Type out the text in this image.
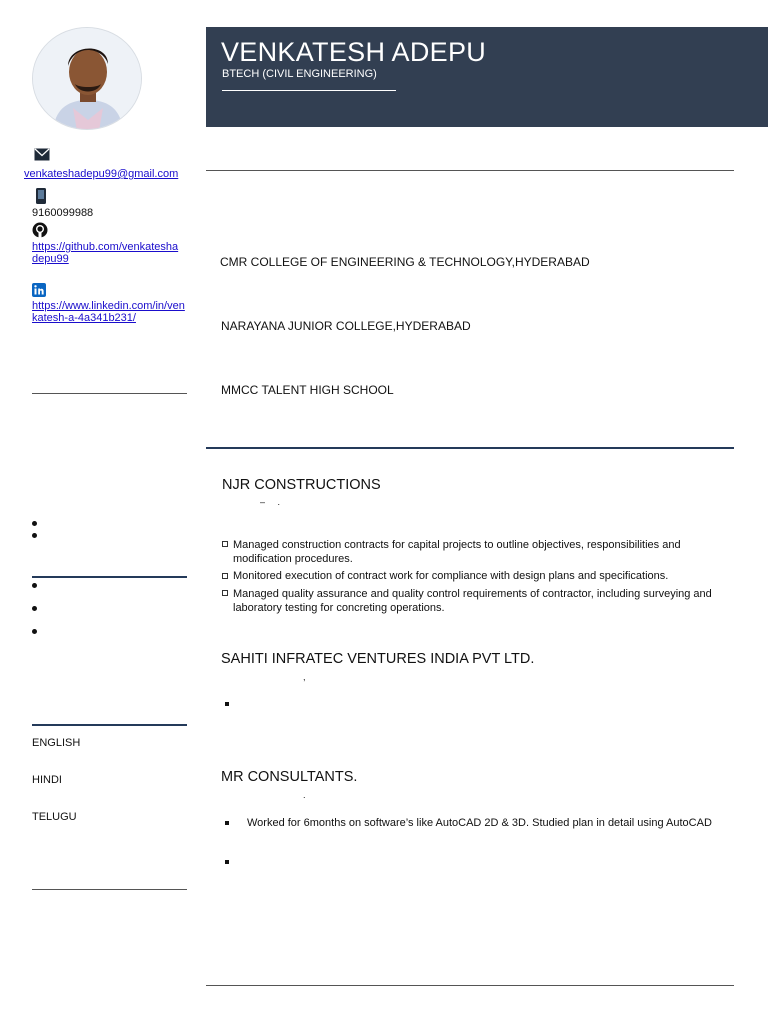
VENKATESH ADEPU
BTECH (CIVIL ENGINEERING)
venkateshadepu99@gmail.com
9160099988
https://github.com/venkatesha
depu99
https://www.linkedin.com/in/ven
katesh-a-4a341b231/
ENGLISH
HINDI
TELUGU
CMR COLLEGE OF ENGINEERING & TECHNOLOGY,HYDERABAD
NARAYANA JUNIOR COLLEGE,HYDERABAD
MMCC TALENT HIGH SCHOOL
NJR CONSTRUCTIONS
–     .
Managed construction contracts for capital projects to outline objectives, responsibilities and modification procedures.
Monitored execution of contract work for compliance with design plans and specifications.
Managed quality assurance and quality control requirements of contractor, including surveying and laboratory testing for concreting operations.
SAHITI INFRATEC VENTURES INDIA PVT LTD.
,
MR CONSULTANTS.
.
Worked for 6months on software’s like AutoCAD 2D & 3D. Studied plan in detail using AutoCAD
